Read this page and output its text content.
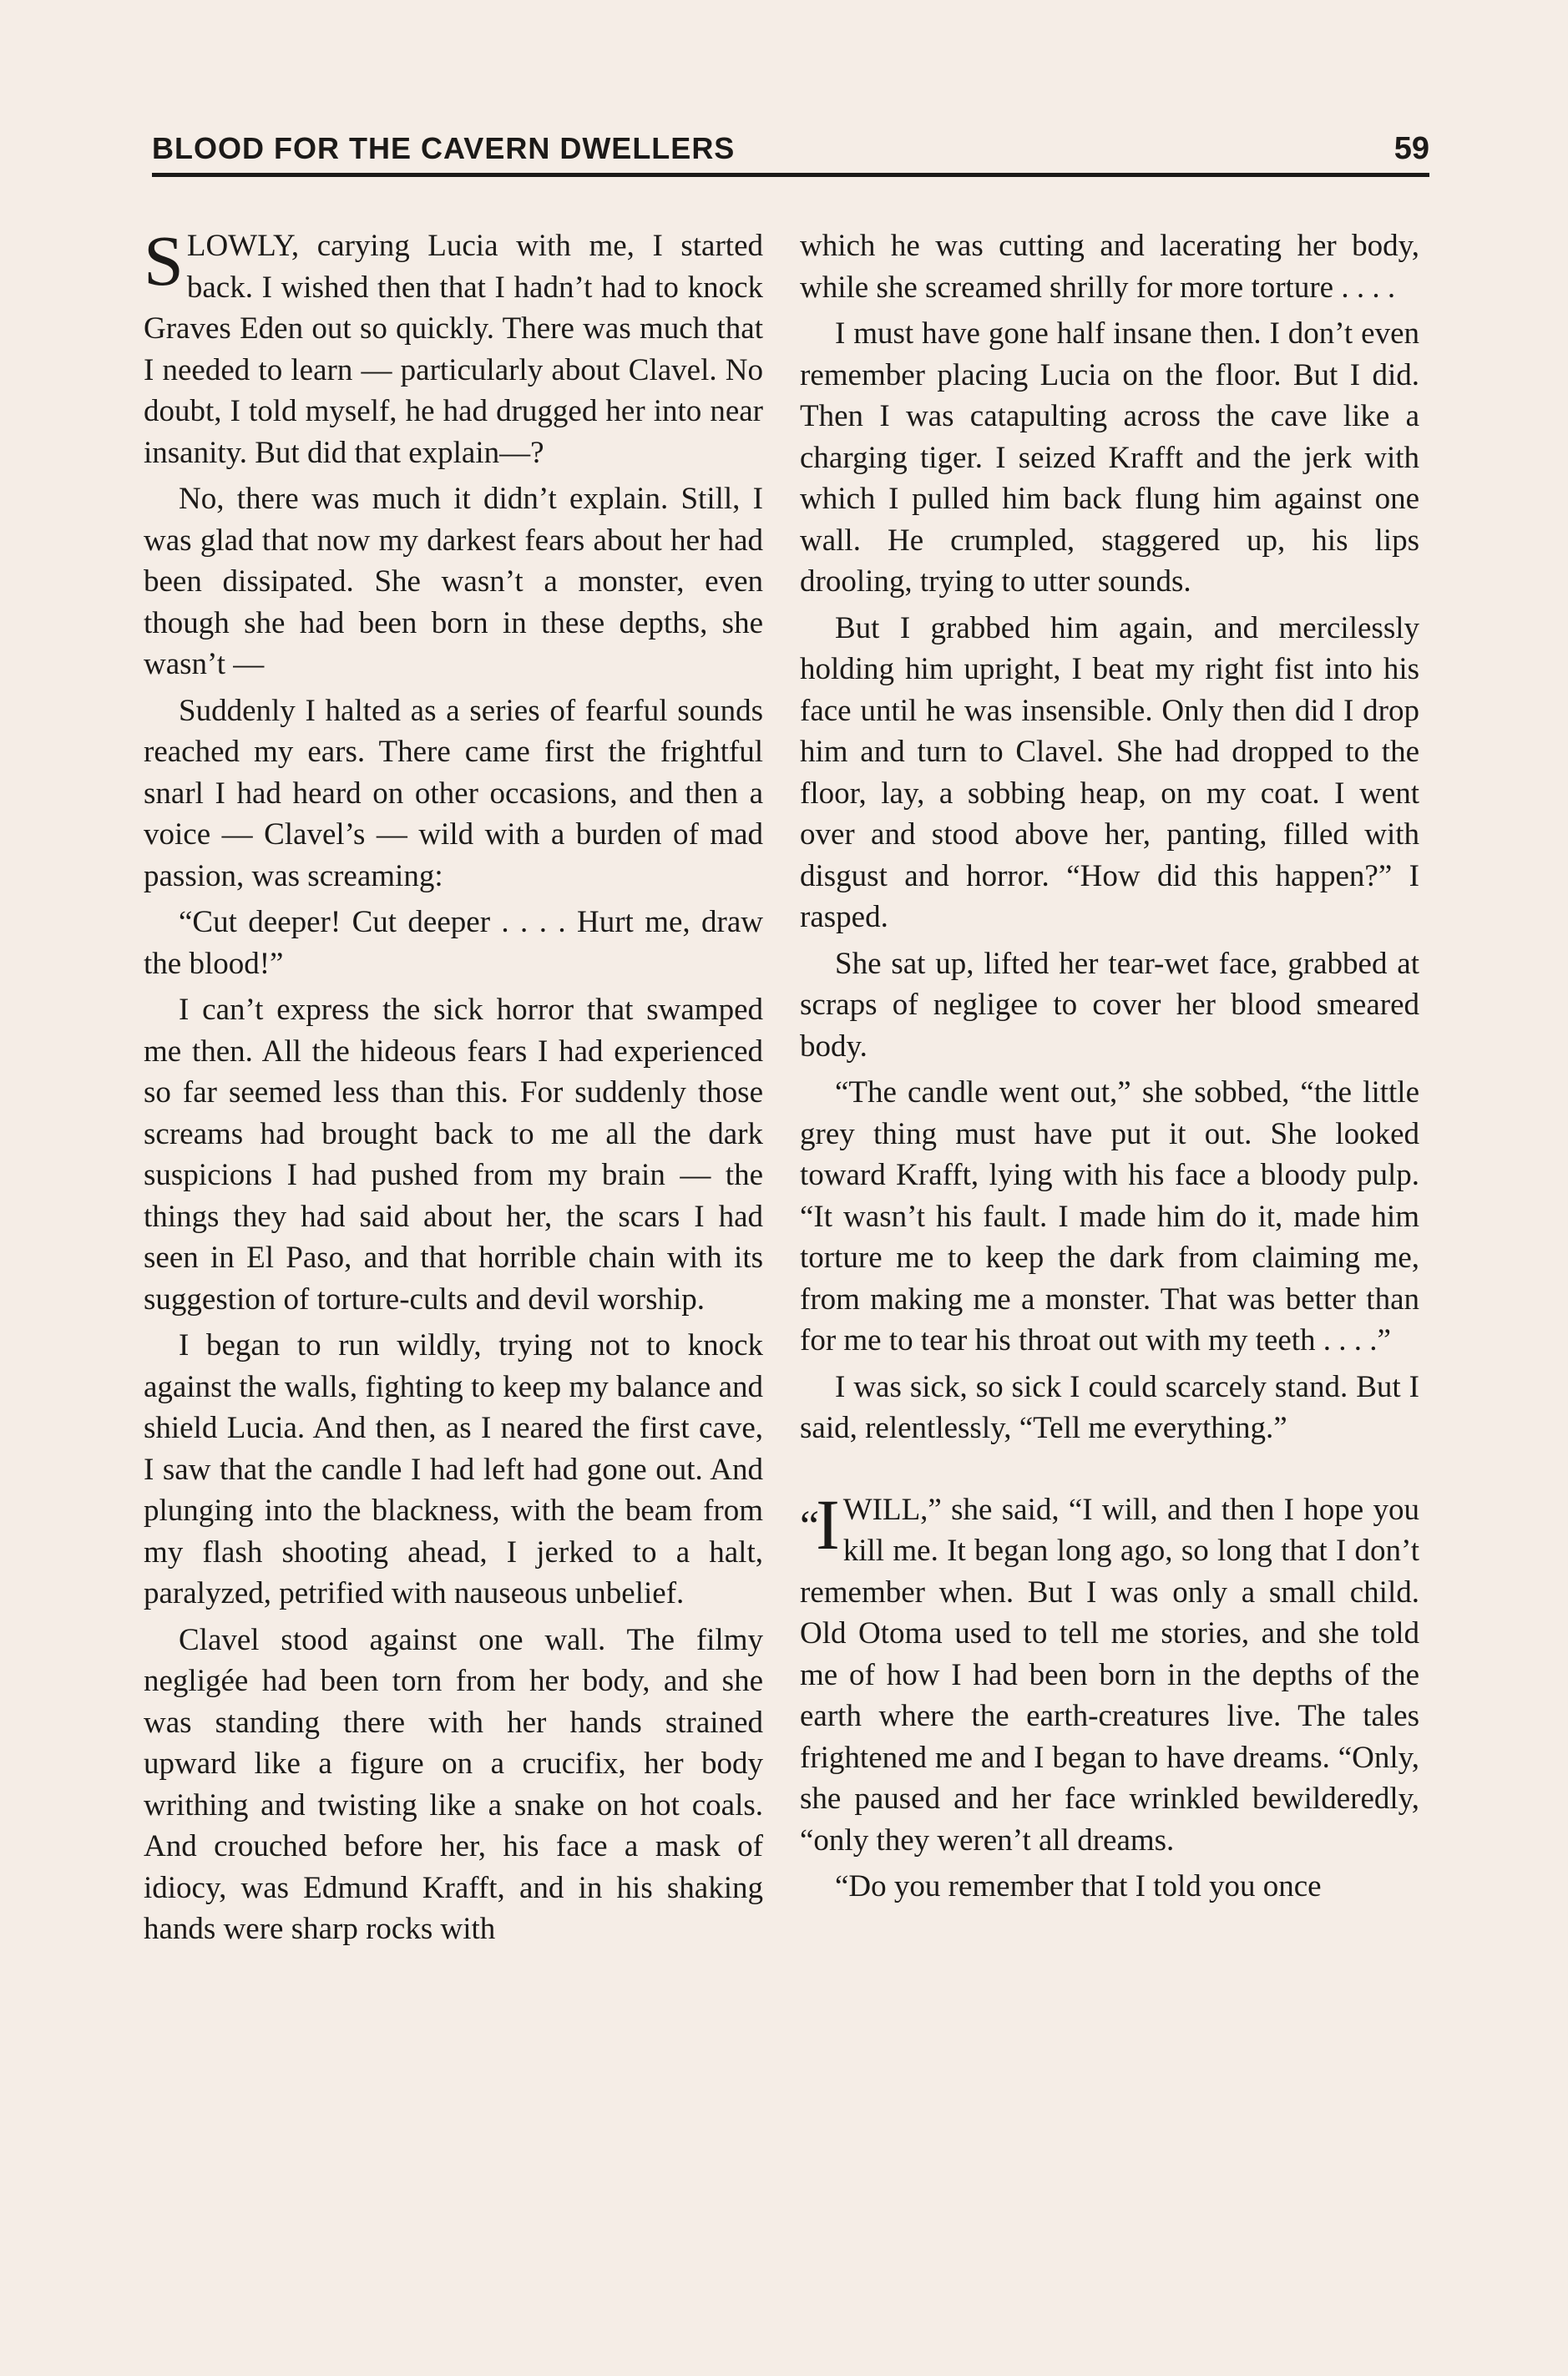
BLOOD FOR THE CAVERN DWELLERS	59

SLOWLY, carying Lucia with me, I started back. I wished then that I hadn’t had to knock Graves Eden out so quickly. There was much that I needed to learn — particularly about Clavel. No doubt, I told myself, he had drugged her into near insanity. But did that explain—?

No, there was much it didn’t explain. Still, I was glad that now my darkest fears about her had been dissipated. She wasn’t a monster, even though she had been born in these depths, she wasn’t —

Suddenly I halted as a series of fearful sounds reached my ears. There came first the frightful snarl I had heard on other occasions, and then a voice — Clavel’s — wild with a burden of mad passion, was screaming:

“Cut deeper! Cut deeper . . . . Hurt me, draw the blood!”

I can’t express the sick horror that swamped me then. All the hideous fears I had experienced so far seemed less than this. For suddenly those screams had brought back to me all the dark suspicions I had pushed from my brain — the things they had said about her, the scars I had seen in El Paso, and that horrible chain with its suggestion of torture-cults and devil worship.

I began to run wildly, trying not to knock against the walls, fighting to keep my balance and shield Lucia. And then, as I neared the first cave, I saw that the candle I had left had gone out. And plunging into the blackness, with the beam from my flash shooting ahead, I jerked to a halt, paralyzed, petrified with nauseous unbelief.

Clavel stood against one wall. The filmy negligée had been torn from her body, and she was standing there with her hands strained upward like a figure on a crucifix, her body writhing and twisting like a snake on hot coals. And crouched before her, his face a mask of idiocy, was Edmund Krafft, and in his shaking hands were sharp rocks with

which he was cutting and lacerating her body, while she screamed shrilly for more torture . . . .

I must have gone half insane then. I don’t even remember placing Lucia on the floor. But I did. Then I was catapulting across the cave like a charging tiger. I seized Krafft and the jerk with which I pulled him back flung him against one wall. He crumpled, staggered up, his lips drooling, trying to utter sounds.

But I grabbed him again, and mercilessly holding him upright, I beat my right fist into his face until he was insensible. Only then did I drop him and turn to Clavel. She had dropped to the floor, lay, a sobbing heap, on my coat. I went over and stood above her, panting, filled with disgust and horror. “How did this happen?” I rasped.

She sat up, lifted her tear-wet face, grabbed at scraps of negligee to cover her blood smeared body.

“The candle went out,” she sobbed, “the little grey thing must have put it out. She looked toward Krafft, lying with his face a bloody pulp. “It wasn’t his fault. I made him do it, made him torture me to keep the dark from claiming me, from making me a monster. That was better than for me to tear his throat out with my teeth . . . .”

I was sick, so sick I could scarcely stand. But I said, relentlessly, “Tell me everything.”

“I WILL,” she said, “I will, and then I hope you kill me. It began long ago, so long that I don’t remember when. But I was only a small child. Old Otoma used to tell me stories, and she told me of how I had been born in the depths of the earth where the earth-creatures live. The tales frightened me and I began to have dreams. “Only, she paused and her face wrinkled bewilderedly, “only they weren’t all dreams.

“Do you remember that I told you once
